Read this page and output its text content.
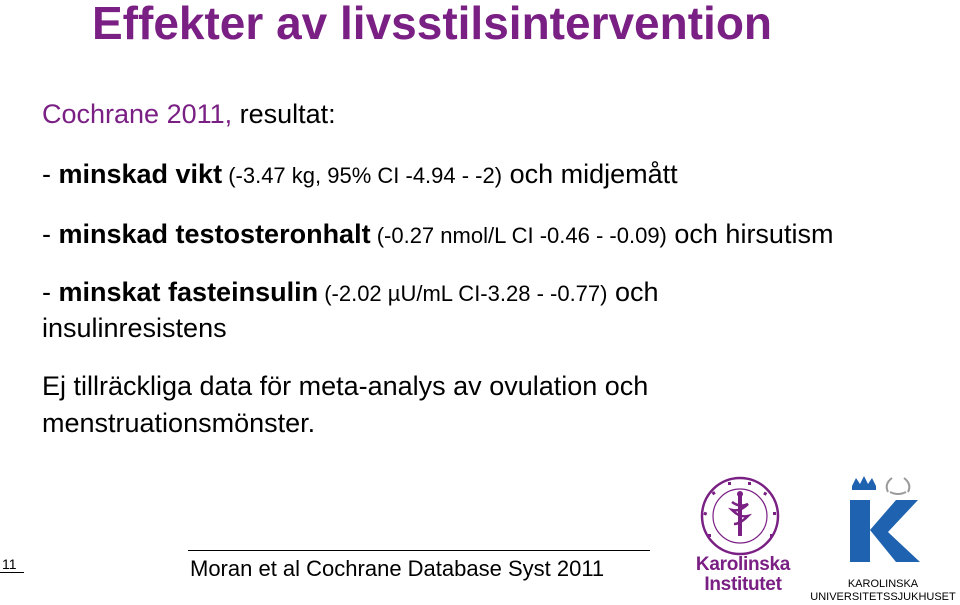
Effekter av livsstilsintervention
Cochrane 2011, resultat:
- minskad vikt (-3.47 kg, 95% CI -4.94 - -2) och midjemått
- minskad testosteronhalt (-0.27 nmol/L CI -0.46 - -0.09) och hirsutism
- minskat fasteinsulin (-2.02 µU/mL CI-3.28 - -0.77) och
insulinresistens
Ej tillräckliga data för meta-analys av ovulation och
menstruationsmönster.
11	Moran et al Cochrane Database Syst 2011	Karolinska
Institutet	KAROLINSKA
UNIVERSITETSSJUKHUSET
